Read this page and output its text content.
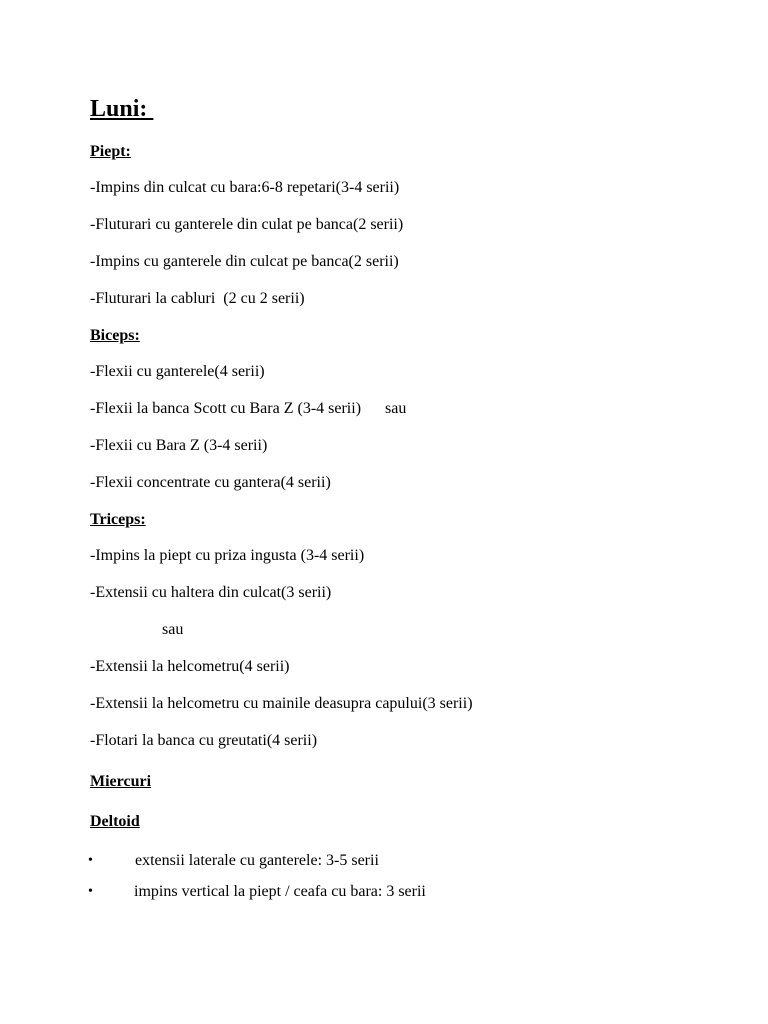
Luni:
Piept:
-Impins din culcat cu bara:6-8 repetari(3-4 serii)
-Fluturari cu ganterele din culat pe banca(2 serii)
-Impins cu ganterele din culcat pe banca(2 serii)
-Fluturari la cabluri  (2 cu 2 serii)
Biceps:
-Flexii cu ganterele(4 serii)
-Flexii la banca Scott cu Bara Z (3-4 serii)      sau
-Flexii cu Bara Z (3-4 serii)
-Flexii concentrate cu gantera(4 serii)
Triceps:
-Impins la piept cu priza ingusta (3-4 serii)
-Extensii cu haltera din culcat(3 serii)
sau
-Extensii la helcometru(4 serii)
-Extensii la helcometru cu mainile deasupra capului(3 serii)
-Flotari la banca cu greutati(4 serii)
Miercuri
Deltoid

•

	extensii laterale cu ganterele: 3-5 serii

•

	impins vertical la piept / ceafa cu bara: 3 serii
